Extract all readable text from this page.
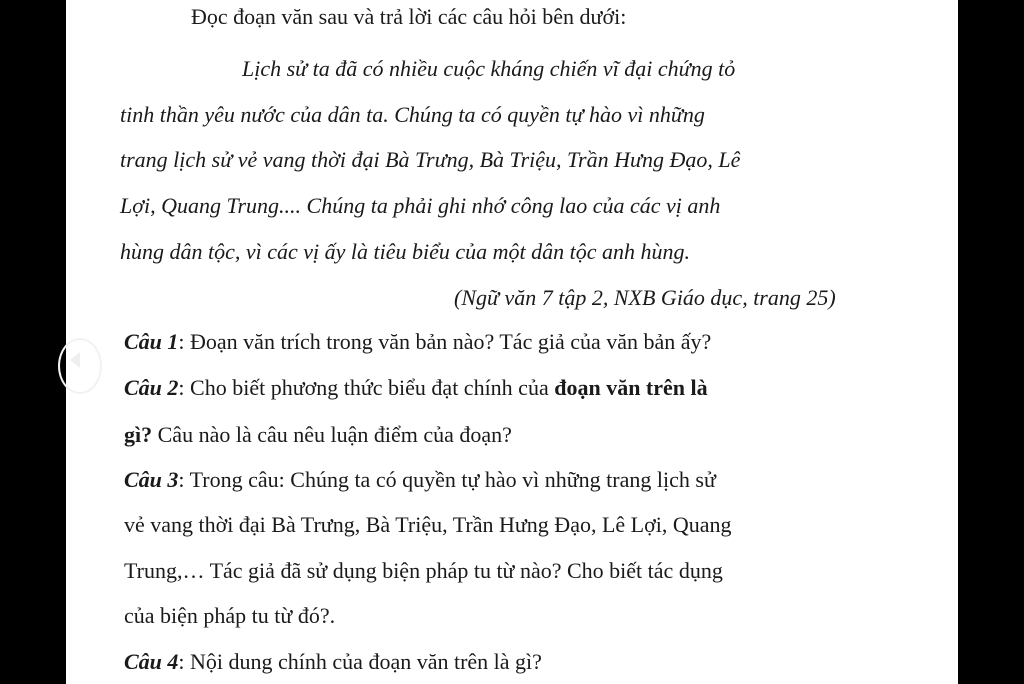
Đọc đoạn văn sau và trả lời các câu hỏi bên dưới:
Lịch sử ta đã có nhiều cuộc kháng chiến vĩ đại chứng tỏ
tinh thần yêu nước của dân ta. Chúng ta có quyền tự hào vì những
trang lịch sử vẻ vang thời đại Bà Trưng, Bà Triệu, Trần Hưng Đạo, Lê
Lợi, Quang Trung.... Chúng ta phải ghi nhớ công lao của các vị anh
hùng dân tộc, vì các vị ấy là tiêu biểu của một dân tộc anh hùng.
(Ngữ văn 7 tập 2, NXB Giáo dục, trang 25)
Câu 1: Đoạn văn trích trong văn bản nào? Tác giả của văn bản ấy?
Câu 2: Cho biết phương thức biểu đạt chính của đoạn văn trên là
gì? Câu nào là câu nêu luận điểm của đoạn?
Câu 3: Trong câu: Chúng ta có quyền tự hào vì những trang lịch sử
vẻ vang thời đại Bà Trưng, Bà Triệu, Trần Hưng Đạo, Lê Lợi, Quang
Trung,… Tác giả đã sử dụng biện pháp tu từ nào? Cho biết tác dụng
của biện pháp tu từ đó?.
Câu 4: Nội dung chính của đoạn văn trên là gì?
